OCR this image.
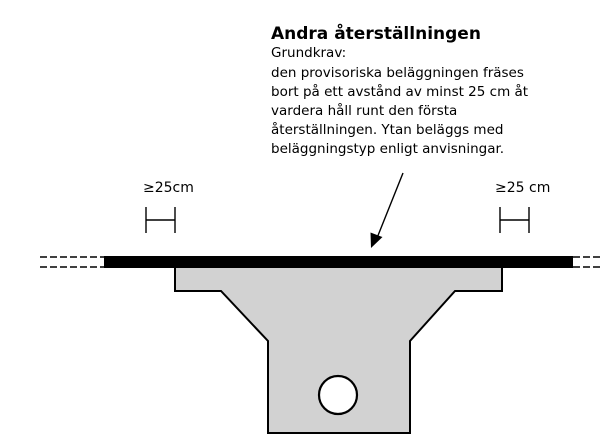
Andra återställningen
Grundkrav:
den provisoriska beläggningen fräses
bort på ett avstånd av minst 25 cm åt
vardera håll runt den första
återställningen. Ytan beläggs med
beläggningstyp enligt anvisningar.
≥25cm	≥25 cm
